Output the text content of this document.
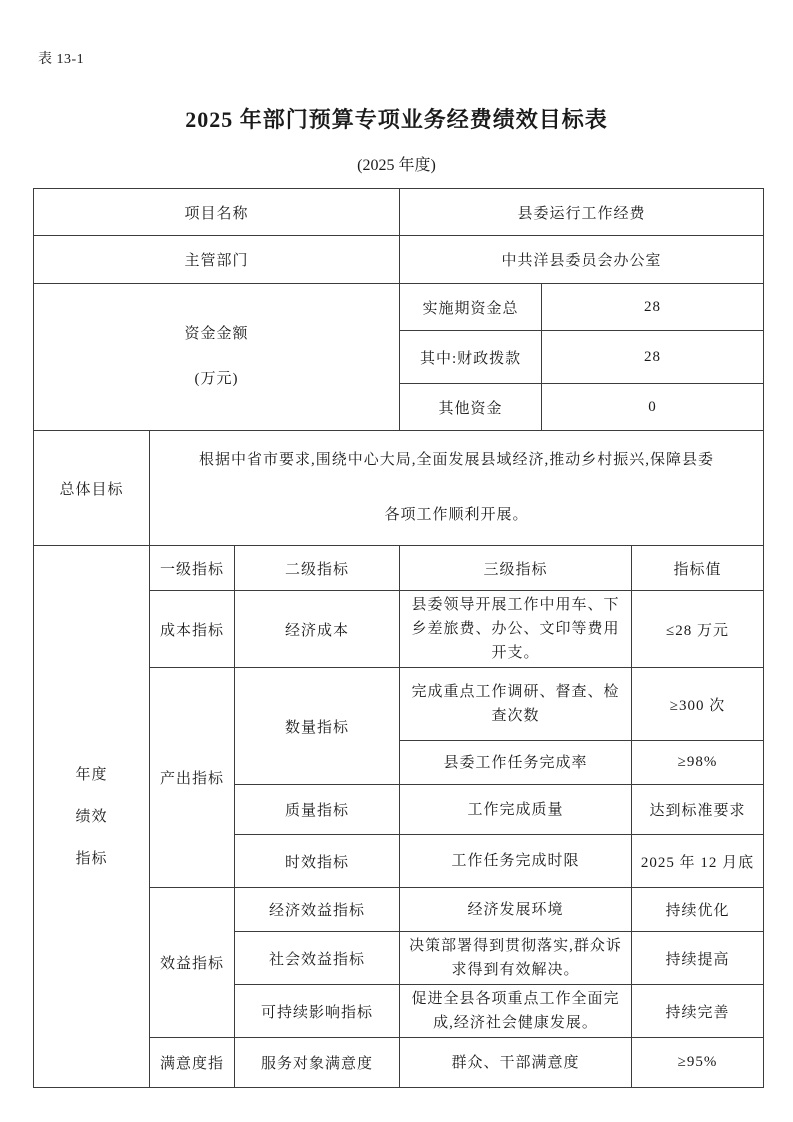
表 13-1
2025 年部门预算专项业务经费绩效目标表
(2025 年度)
项目名称			县委运行工作经费		
主管部门			中共洋县委员会办公室		

资金金额
(万元)			实施期资金总	28	
			其中:财政拨款	28	
			其他资金	0	
总体目标	根据中省市要求,围绕中心大局,全面发展县域经济,推动乡村振兴,保障县委
各项工作顺利开展。				

年度
绩效
指标	一级指标	二级指标	三级指标		指标值
	成本指标	经济成本	县委领导开展工作中用车、下乡差旅费、办公、文印等费用开支。		≤28 万元
	产出指标	数量指标	完成重点工作调研、督查、检查次数		≥300 次
			县委工作任务完成率		≥98%
		质量指标	工作完成质量		达到标准要求
		时效指标	工作任务完成时限		2025 年 12 月底
	效益指标	经济效益指标	经济发展环境		持续优化
		社会效益指标	决策部署得到贯彻落实,群众诉求得到有效解决。		持续提高
		可持续影响指标	促进全县各项重点工作全面完成,经济社会健康发展。		持续完善
	满意度指	服务对象满意度	群众、干部满意度		≥95%
